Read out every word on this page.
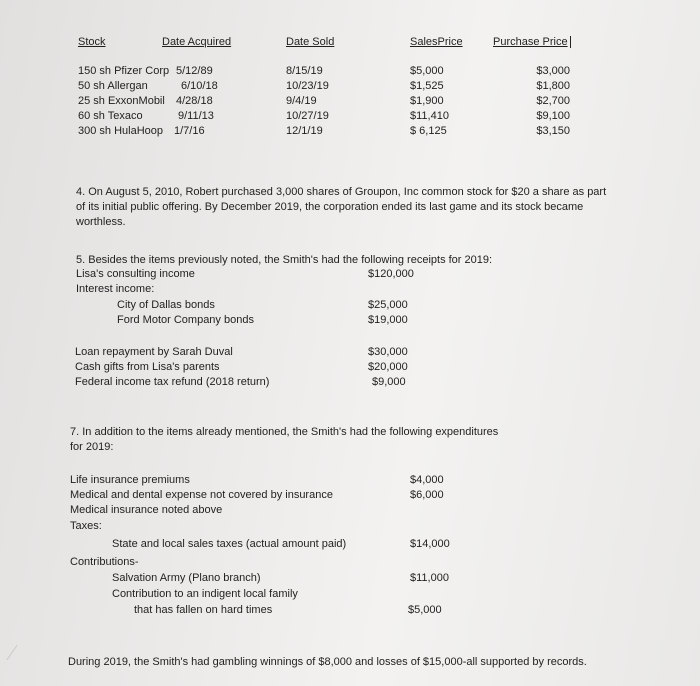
Stock	Date Acquired	Date Sold	SalesPrice	Purchase Price
150 sh Pfizer Corp 5/12/89	8/15/19	$5,000	$3,000
50 sh Allergan	6/10/18	10/23/19	$1,525	$1,800
25 sh ExxonMobil 4/28/18	9/4/19	$1,900	$2,700
60 sh Texaco	9/11/13	10/27/19	$11,410	$9,100
300 sh HulaHoop 1/7/16	12/1/19	$ 6,125	$3,150
4. On August 5, 2010, Robert purchased 3,000 shares of Groupon, Inc common stock for $20 a share as part of its initial public offering. By December 2019, the corporation ended its last game and its stock became worthless.
5. Besides the items previously noted, the Smith's had the following receipts for 2019:
Lisa's consulting income	$120,000
Interest income:
City of Dallas bonds	$25,000
Ford Motor Company bonds	$19,000
Loan repayment by Sarah Duval	$30,000
Cash gifts from Lisa's parents	$20,000
Federal income tax refund (2018 return)	$9,000
7. In addition to the items already mentioned, the Smith's had the following expenditures
for 2019:
Life insurance premiums	$4,000
Medical and dental expense not covered by insurance	$6,000
Medical insurance noted above
Taxes:
State and local sales taxes (actual amount paid)	$14,000
Contributions-
Salvation Army (Plano branch)	$11,000
Contribution to an indigent local family
that has fallen on hard times	$5,000
During 2019, the Smith's had gambling winnings of $8,000 and losses of $15,000-all supported by records.
